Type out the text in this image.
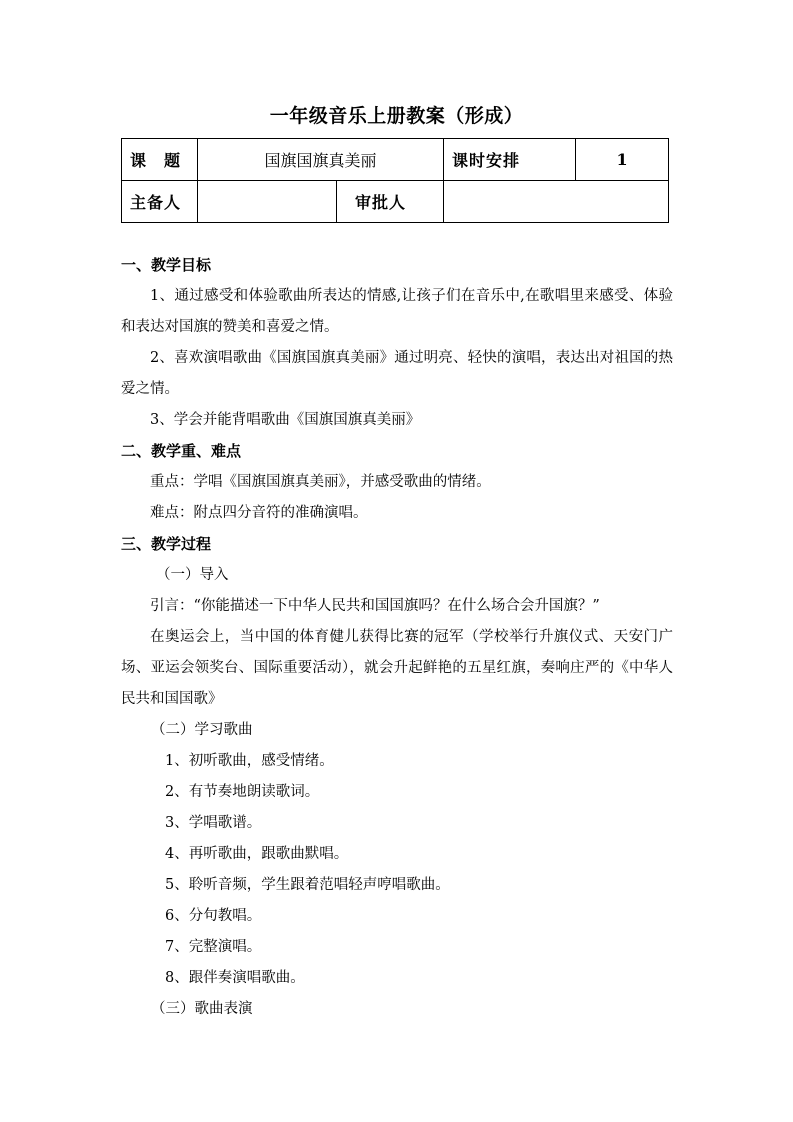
一年级音乐上册教案（形成）
课　题	国旗国旗真美丽		课时安排	1
主备人		审批人		
一、教学目标
1、通过感受和体验歌曲所表达的情感,让孩子们在音乐中,在歌唱里来感受、体验和表达对国旗的赞美和喜爱之情。
2、喜欢演唱歌曲《国旗国旗真美丽》通过明亮、轻快的演唱，表达出对祖国的热爱之情。
3、学会并能背唱歌曲《国旗国旗真美丽》
二、教学重、难点
重点：学唱《国旗国旗真美丽》，并感受歌曲的情绪。
难点：附点四分音符的准确演唱。
三、教学过程
（一）导入
引言：“你能描述一下中华人民共和国国旗吗？在什么场合会升国旗？”
在奥运会上，当中国的体育健儿获得比赛的冠军（学校举行升旗仪式、天安门广场、亚运会领奖台、国际重要活动），就会升起鲜艳的五星红旗，奏响庄严的《中华人民共和国国歌》
（二）学习歌曲
1、初听歌曲，感受情绪。
2、有节奏地朗读歌词。
3、学唱歌谱。
4、再听歌曲，跟歌曲默唱。
5、聆听音频，学生跟着范唱轻声哼唱歌曲。
6、分句教唱。
7、完整演唱。
8、跟伴奏演唱歌曲。
（三）歌曲表演
